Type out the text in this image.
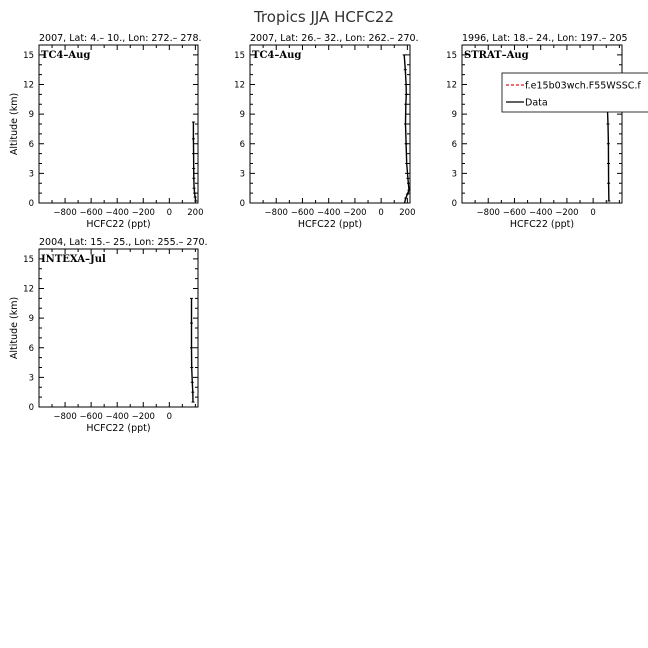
Tropics JJA HCFC22
2007, Lat: 4.– 10., Lon: 272.– 278.
TC4–Aug
0
3
6
9
12
15
−800 −600 −400 −200 0 200
HCFC22 (ppt)
Altitude (km)
2007, Lat: 26.– 32., Lon: 262.– 270.
TC4–Aug
0
3
6
9
12
15
−800 −600 −400 −200 0 200
HCFC22 (ppt)
1996, Lat: 18.– 24., Lon: 197.– 205
STRAT–Aug
0
3
6
9
12
15
−800 −600 −400 −200 0
HCFC22 (ppt)
f.e15b03wch.F55WSSC.f
Data
2004, Lat: 15.– 25., Lon: 255.– 270.
INTEXA–Jul
0
3
6
9
12
15
−800 −600 −400 −200 0
HCFC22 (ppt)
Altitude (km)
